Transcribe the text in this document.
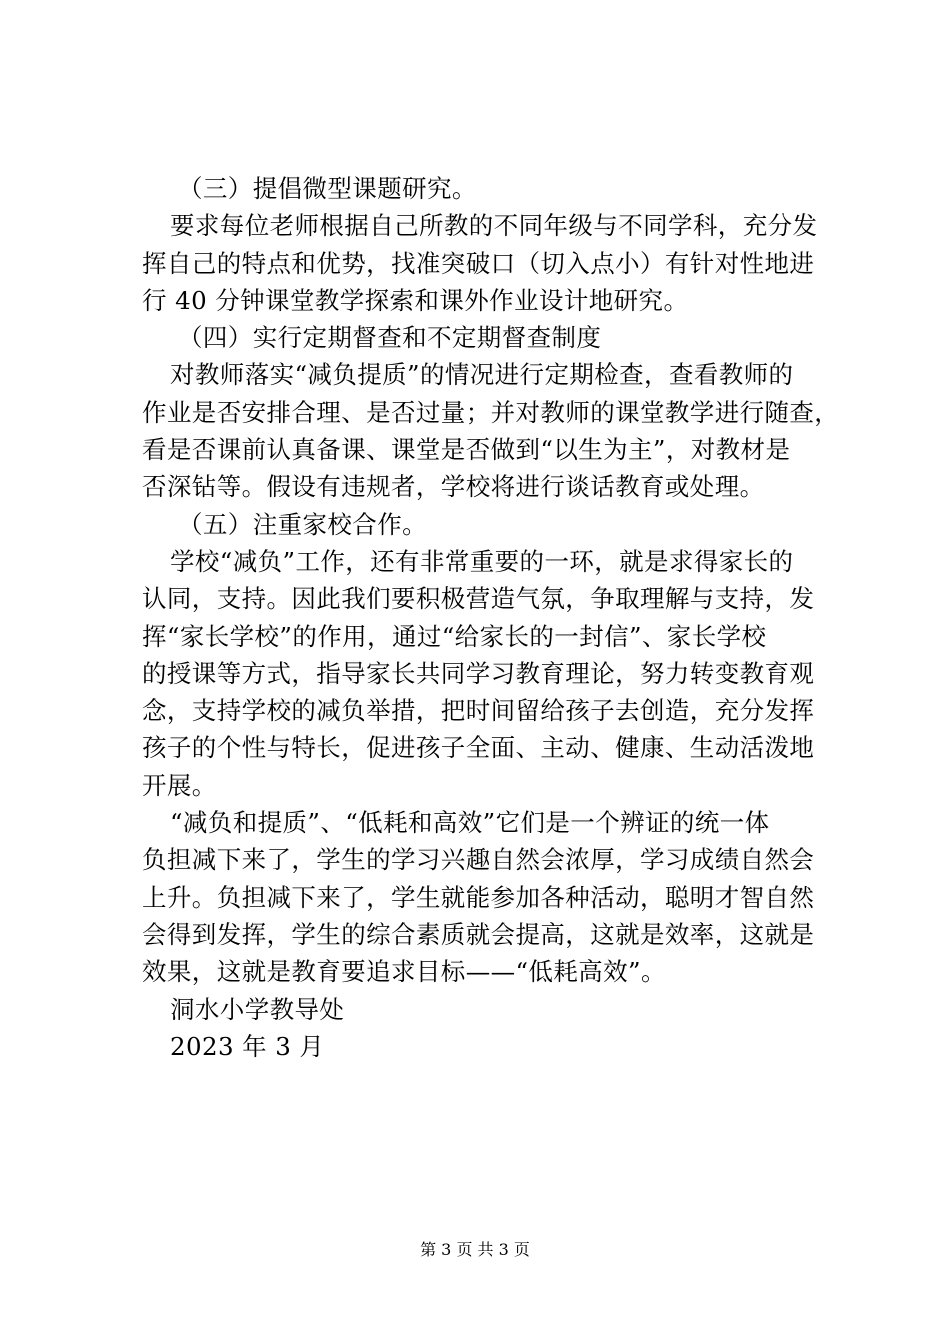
（三）提倡微型课题研究。
要求每位老师根据自己所教的不同年级与不同学科，充分发
挥自己的特点和优势，找准突破口（切入点小）有针对性地进
行 40 分钟课堂教学探索和课外作业设计地研究。
（四）实行定期督查和不定期督查制度
对教师落实“减负提质”的情况进行定期检查，查看教师的
作业是否安排合理、是否过量；并对教师的课堂教学进行随查，
看是否课前认真备课、课堂是否做到“以生为主”，对教材是
否深钻等。假设有违规者，学校将进行谈话教育或处理。
（五）注重家校合作。
学校“减负”工作，还有非常重要的一环，就是求得家长的
认同，支持。因此我们要积极营造气氛，争取理解与支持，发
挥“家长学校”的作用，通过“给家长的一封信”、家长学校
的授课等方式，指导家长共同学习教育理论，努力转变教育观
念，支持学校的减负举措，把时间留给孩子去创造，充分发挥
孩子的个性与特长，促进孩子全面、主动、健康、生动活泼地
开展。
“减负和提质”、“低耗和高效”它们是一个辨证的统一体
负担减下来了，学生的学习兴趣自然会浓厚，学习成绩自然会
上升。负担减下来了，学生就能参加各种活动，聪明才智自然
会得到发挥，学生的综合素质就会提高，这就是效率，这就是
效果，这就是教育要追求目标——“低耗高效”。
洞水小学教导处
2023 年 3 月
第 3 页 共 3 页
